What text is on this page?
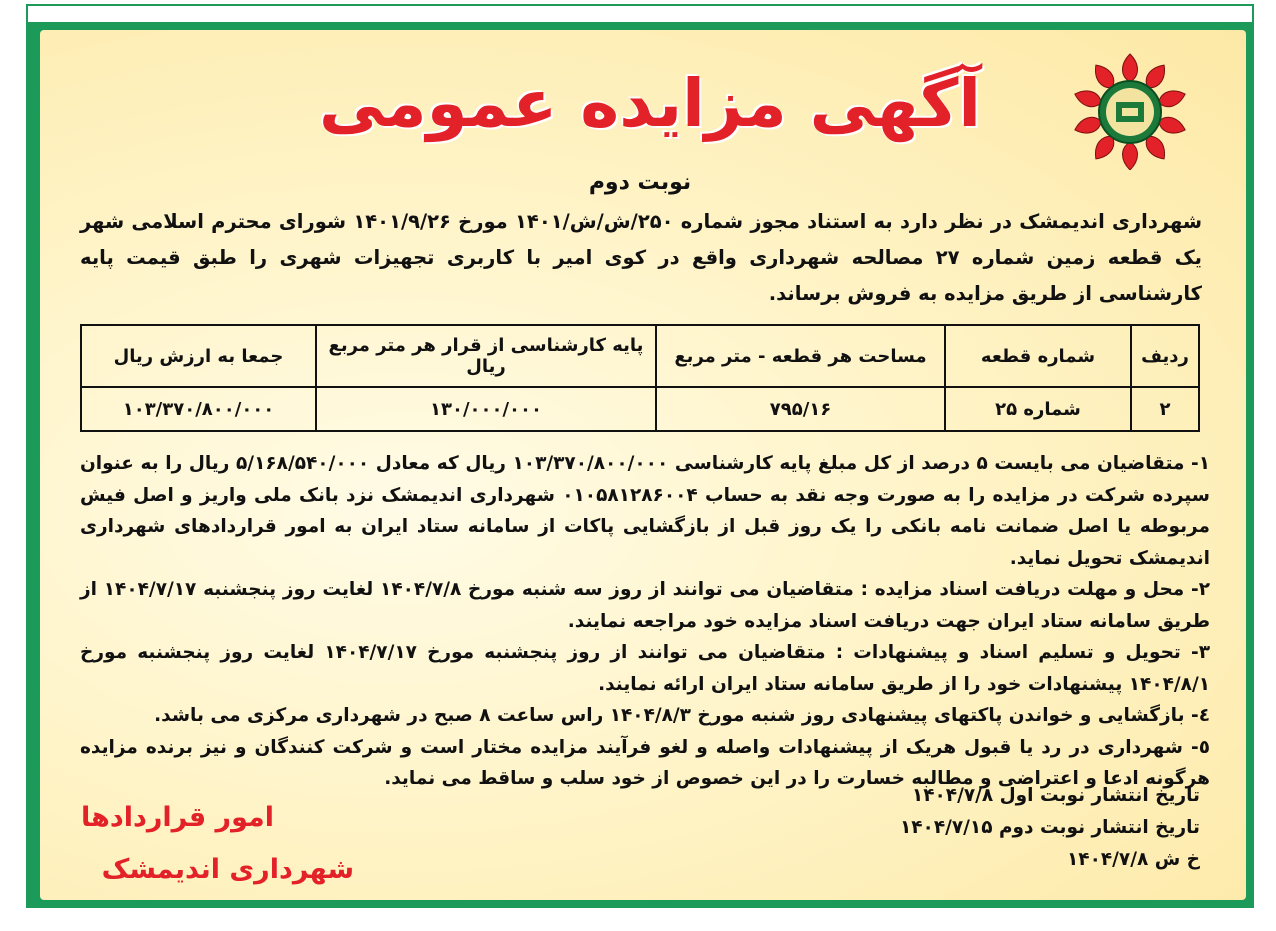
آگهی مزایده عمومی
نوبت دوم
شهرداری اندیمشک در نظر دارد به استناد مجوز شماره ۲۵۰/ش/ش/۱۴۰۱ مورخ ۱۴۰۱/۹/۲۶ شورای محترم اسلامی شهر یک قطعه زمین شماره ۲۷ مصالحه شهرداری واقع در کوی امیر با کاربری تجهیزات شهری را طبق قیمت پایه کارشناسی از طریق مزایده به فروش برساند.
ردیف	شماره قطعه	مساحت هر قطعه - متر مربع	پایه کارشناسی از قرار هر متر مربع ریال	جمعا به ارزش ریال
۲	شماره ۲۵	۷۹۵/۱۶	۱۳۰/۰۰۰/۰۰۰	۱۰۳/۳۷۰/۸۰۰/۰۰۰

۱- متقاضیان می بایست ۵ درصد از کل مبلغ پایه کارشناسی ۱۰۳/۳۷۰/۸۰۰/۰۰۰ ریال که معادل ۵/۱۶۸/۵۴۰/۰۰۰ ریال را به عنوان سپرده شرکت در مزایده را به صورت وجه نقد به حساب ۰۱۰۵۸۱۲۸۶۰۰۴ شهرداری اندیمشک نزد بانک ملی واریز و اصل فیش مربوطه یا اصل ضمانت نامه بانکی را یک روز قبل از بازگشایی پاکات از سامانه ستاد ایران به امور قراردادهای شهرداری اندیمشک تحویل نماید.

۲- محل و مهلت دریافت اسناد مزایده : متقاضیان می توانند از روز سه شنبه مورخ ۱۴۰۴/۷/۸ لغایت روز پنجشنبه ۱۴۰۴/۷/۱۷ از طریق سامانه ستاد ایران جهت دریافت اسناد مزایده خود مراجعه نمایند.

۳- تحویل و تسلیم اسناد و پیشنهادات : متقاضیان می توانند از روز پنجشنبه مورخ ۱۴۰۴/۷/۱۷ لغایت روز پنجشنبه مورخ ۱۴۰۴/۸/۱ پیشنهادات خود را از طریق سامانه ستاد ایران ارائه نمایند.

٤- بازگشایی و خواندن پاکتهای پیشنهادی روز شنبه مورخ ۱۴۰۴/۸/۳ راس ساعت ۸ صبح در شهرداری مرکزی می باشد.

٥- شهرداری در رد یا قبول هریک از پیشنهادات واصله و لغو فرآیند مزایده مختار است و شرکت کنندگان و نیز برنده مزایده هرگونه ادعا و اعتراضی و مطالبه خسارت را در این خصوص از خود سلب و ساقط می نماید.

تاریخ انتشار نوبت اول ۱۴۰۴/۷/۸
تاریخ انتشار نوبت دوم ۱۴۰۴/۷/۱۵
خ ش ۱۴۰۴/۷/۸
امور قراردادها
شهرداری اندیمشک
